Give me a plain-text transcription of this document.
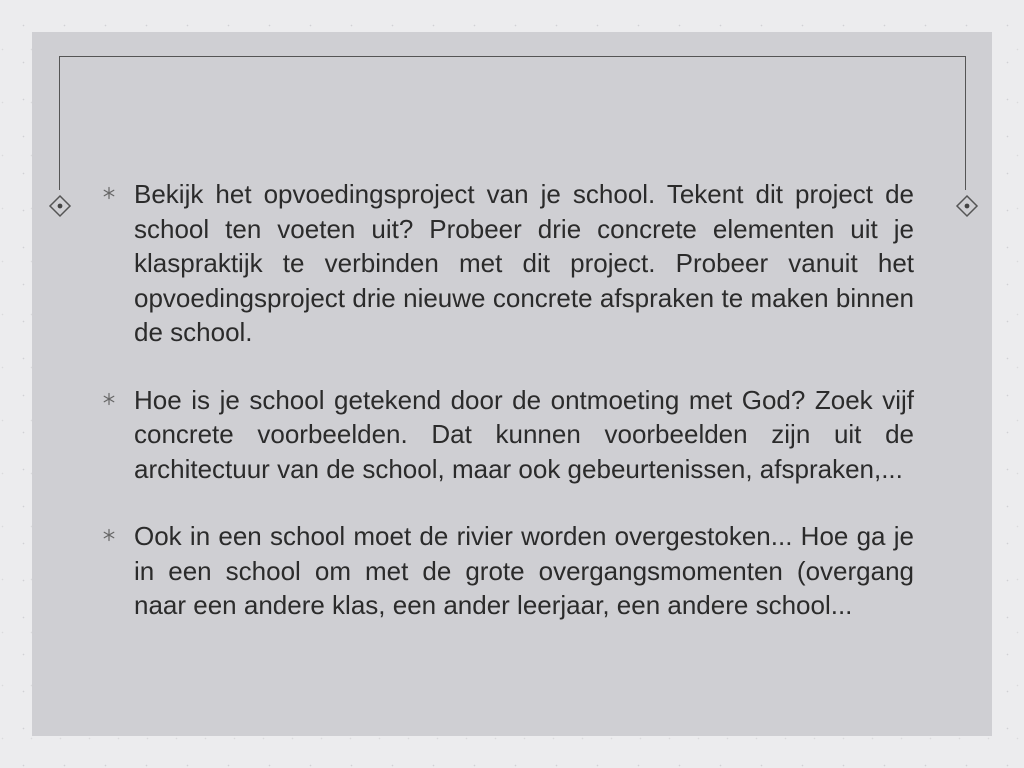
Bekijk het opvoedingsproject van je school. Tekent dit project de school ten voeten uit? Probeer drie concrete elementen uit je klaspraktijk te verbinden met dit project. Probeer vanuit het opvoedingsproject drie nieuwe concrete afspraken te maken binnen de school.

Hoe is je school getekend door de ontmoeting met God? Zoek vijf concrete voorbeelden. Dat kunnen voorbeelden zijn uit de architectuur van de school, maar ook gebeurtenissen, afspraken,...

Ook in een school moet de rivier worden overgestoken... Hoe ga je in een school om met de grote overgangsmomenten (overgang naar een andere klas, een ander leerjaar, een andere school...
